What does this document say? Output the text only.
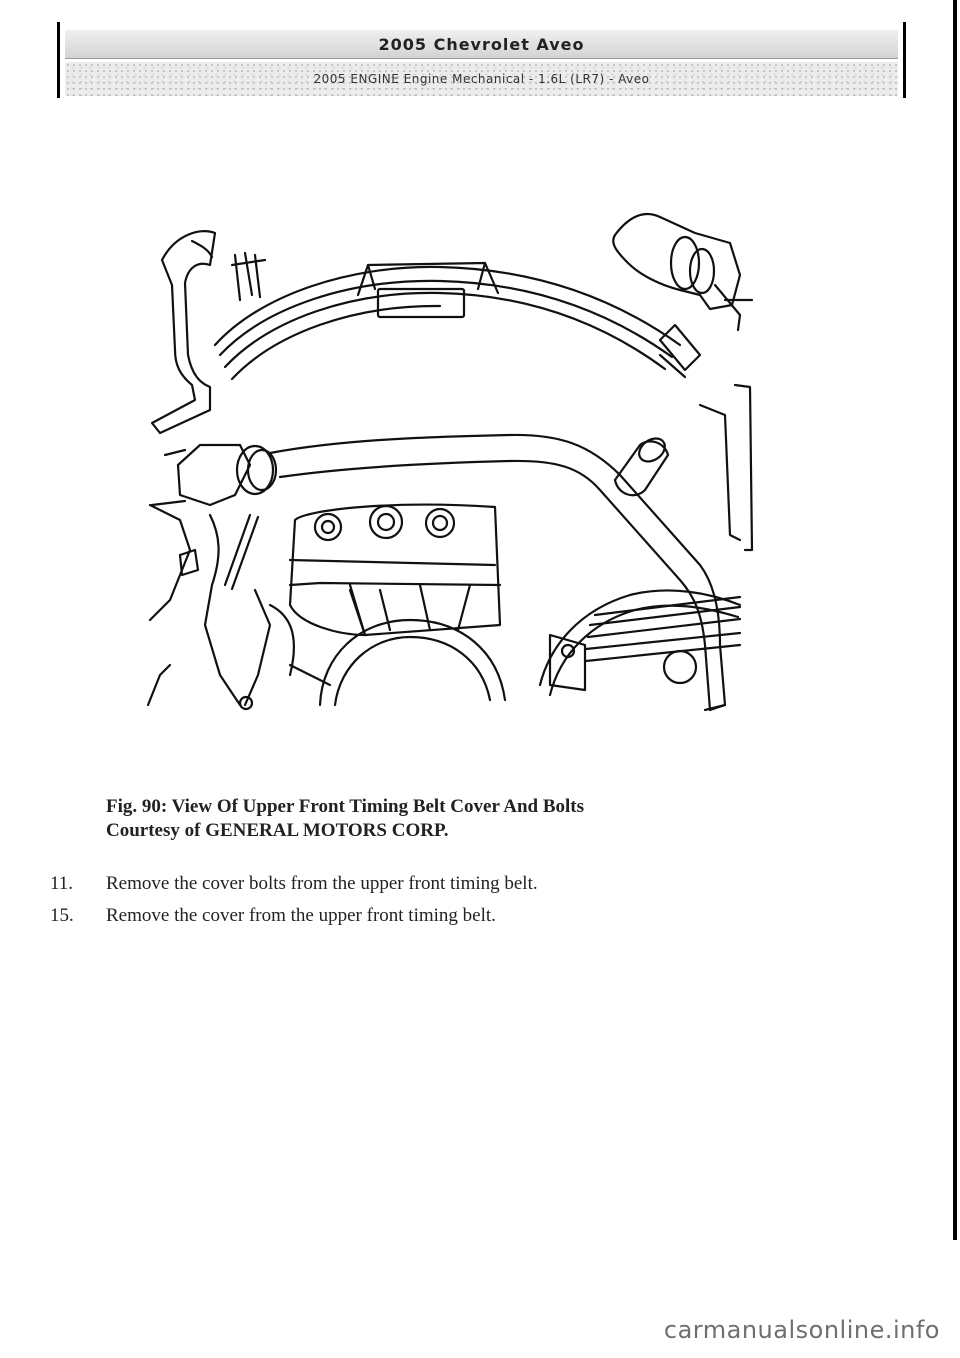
2005 Chevrolet Aveo
2005 ENGINE Engine Mechanical - 1.6L (LR7) - Aveo
Fig. 90: View Of Upper Front Timing Belt Cover And Bolts
Courtesy of GENERAL MOTORS CORP.
11.	Remove the cover bolts from the upper front timing belt.
15.	Remove the cover from the upper front timing belt.
carmanualsonline.info
